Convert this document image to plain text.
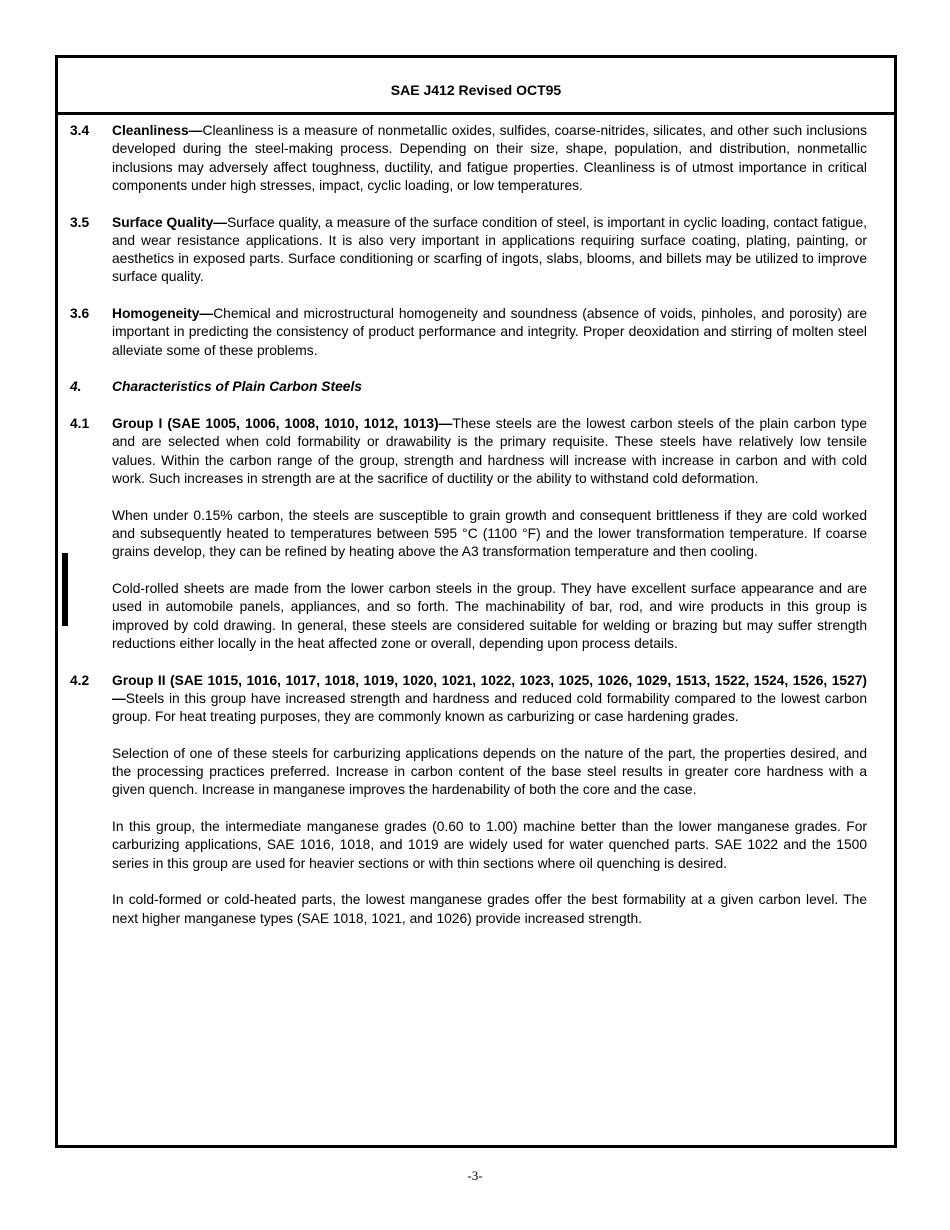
SAE J412 Revised OCT95
3.4	Cleanliness—Cleanliness is a measure of nonmetallic oxides, sulfides, coarse-nitrides, silicates, and other such inclusions developed during the steel-making process. Depending on their size, shape, population, and distribution, nonmetallic inclusions may adversely affect toughness, ductility, and fatigue properties. Cleanliness is of utmost importance in critical components under high stresses, impact, cyclic loading, or low temperatures.

3.5	Surface Quality—Surface quality, a measure of the surface condition of steel, is important in cyclic loading, contact fatigue, and wear resistance applications. It is also very important in applications requiring surface coating, plating, painting, or aesthetics in exposed parts. Surface conditioning or scarfing of ingots, slabs, blooms, and billets may be utilized to improve surface quality.

3.6	Homogeneity—Chemical and microstructural homogeneity and soundness (absence of voids, pinholes, and porosity) are important in predicting the consistency of product performance and integrity. Proper deoxidation and stirring of molten steel alleviate some of these problems.

4.	Characteristics of Plain Carbon Steels
4.1	Group I (SAE 1005, 1006, 1008, 1010, 1012, 1013)—These steels are the lowest carbon steels of the plain carbon type and are selected when cold formability or drawability is the primary requisite. These steels have relatively low tensile values. Within the carbon range of the group, strength and hardness will increase with increase in carbon and with cold work. Such increases in strength are at the sacrifice of ductility or the ability to withstand cold deformation.

When under 0.15% carbon, the steels are susceptible to grain growth and consequent brittleness if they are cold worked and subsequently heated to temperatures between 595 °C (1100 °F) and the lower transformation temperature. If coarse grains develop, they can be refined by heating above the A3 transformation temperature and then cooling.

Cold-rolled sheets are made from the lower carbon steels in the group. They have excellent surface appearance and are used in automobile panels, appliances, and so forth. The machinability of bar, rod, and wire products in this group is improved by cold drawing. In general, these steels are considered suitable for welding or brazing but may suffer strength reductions either locally in the heat affected zone or overall, depending upon process details.

4.2	Group II (SAE 1015, 1016, 1017, 1018, 1019, 1020, 1021, 1022, 1023, 1025, 1026, 1029, 1513, 1522, 1524, 1526, 1527)—Steels in this group have increased strength and hardness and reduced cold formability compared to the lowest carbon group. For heat treating purposes, they are commonly known as carburizing or case hardening grades.

Selection of one of these steels for carburizing applications depends on the nature of the part, the properties desired, and the processing practices preferred. Increase in carbon content of the base steel results in greater core hardness with a given quench. Increase in manganese improves the hardenability of both the core and the case.

In this group, the intermediate manganese grades (0.60 to 1.00) machine better than the lower manganese grades. For carburizing applications, SAE 1016, 1018, and 1019 are widely used for water quenched parts. SAE 1022 and the 1500 series in this group are used for heavier sections or with thin sections where oil quenching is desired.

In cold-formed or cold-heated parts, the lowest manganese grades offer the best formability at a given carbon level. The next higher manganese types (SAE 1018, 1021, and 1026) provide increased strength.

-3-
